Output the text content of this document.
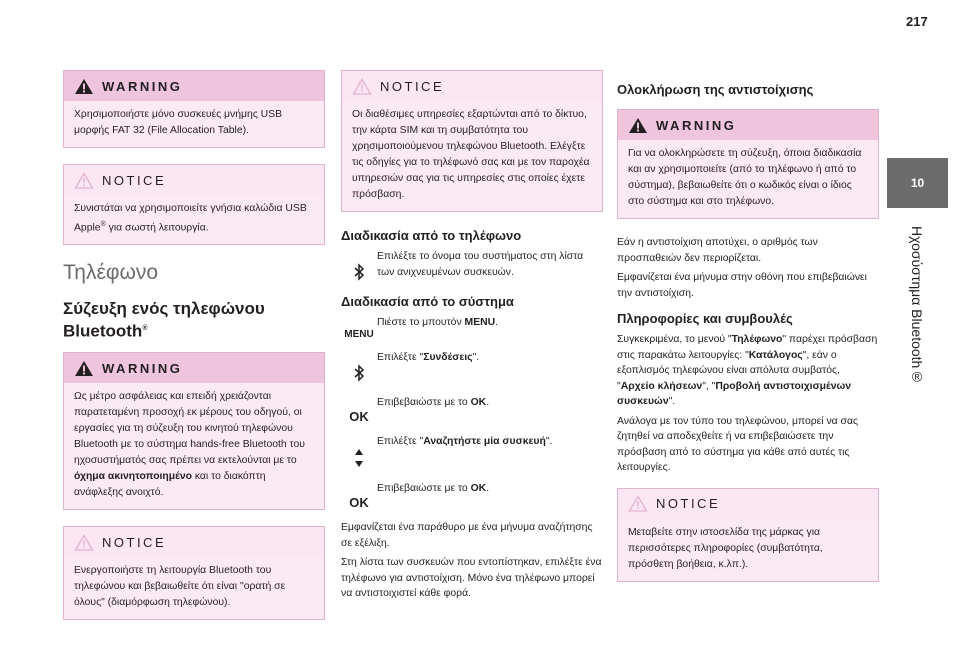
217
10
Ηχοσύστημα Bluetooth®
WARNING
Χρησιμοποιήστε μόνο συσκευές μνήμης USB μορφής FAT 32 (File Allocation Table).
NOTICE
Συνιστάται να χρησιμοποιείτε γνήσια καλώδια USB Apple® για σωστή λειτουργία.
Τηλέφωνο
Σύζευξη ενός τηλεφώνου
Bluetooth®
WARNING
Ως μέτρο ασφάλειας και επειδή χρειάζονται παρατεταμένη προσοχή εκ μέρους του οδηγού, οι εργασίες για τη σύζευξη του κινητού τηλεφώνου Bluetooth με το σύστημα hands-free Bluetooth του ηχοσυστήματός σας πρέπει να εκτελούνται με το όχημα ακινητοποιημένο και το διακόπτη ανάφλεξης ανοιχτό.
NOTICE
Ενεργοποιήστε τη λειτουργία Bluetooth του τηλεφώνου και βεβαιωθείτε ότι είναι "ορατή σε όλους" (διαμόρφωση τηλεφώνου).
NOTICE
Οι διαθέσιμες υπηρεσίες εξαρτώνται από το δίκτυο, την κάρτα SIM και τη συμβατότητα του χρησιμοποιούμενου τηλεφώνου Bluetooth. Ελέγξτε τις οδηγίες για το τηλέφωνό σας και με τον παροχέα υπηρεσιών σας για τις υπηρεσίες στις οποίες έχετε πρόσβαση.
Διαδικασία από το τηλέφωνο
Επιλέξτε το όνομα του συστήματος στη λίστα των ανιχνευμένων συσκευών.
Διαδικασία από το σύστημα
MENU
Πιέστε το μπουτόν MENU.
Επιλέξτε "Συνδέσεις".
OK
Επιβεβαιώστε με το OK.
Επιλέξτε "Αναζητήστε μία συσκευή".
OK
Επιβεβαιώστε με το OK.

Εμφανίζεται ένα παράθυρο με ένα μήνυμα αναζήτησης σε εξέλιξη.

Στη λίστα των συσκευών που εντοπίστηκαν, επιλέξτε ένα τηλέφωνο για αντιστοίχιση. Μόνο ένα τηλέφωνο μπορεί να αντιστοιχιστεί κάθε φορά.

Ολοκλήρωση της αντιστοίχισης
WARNING
Για να ολοκληρώσετε τη σύζευξη, όποια διαδικασία και αν χρησιμοποιείτε (από το τηλέφωνο ή από το σύστημα), βεβαιωθείτε ότι ο κωδικός είναι ο ίδιος στο σύστημα και στο τηλέφωνο.

Εάν η αντιστοίχιση αποτύχει, ο αριθμός των προσπαθειών δεν περιορίζεται.

Εμφανίζεται ένα μήνυμα στην οθόνη που επιβεβαιώνει την αντιστοίχιση.

Πληροφορίες και συμβουλές

Συγκεκριμένα, το μενού "Τηλέφωνο" παρέχει πρόσβαση στις παρακάτω λειτουργίες: "Κατάλογος", εάν ο εξοπλισμός τηλεφώνου είναι απόλυτα συμβατός, "Αρχείο κλήσεων", "Προβολή αντιστοιχισμένων συσκευών".

Ανάλογα με τον τύπο του τηλεφώνου, μπορεί να σας ζητηθεί να αποδεχθείτε ή να επιβεβαιώσετε την πρόσβαση από το σύστημα για κάθε από αυτές τις λειτουργίες.

NOTICE
Μεταβείτε στην ιστοσελίδα της μάρκας για περισσότερες πληροφορίες (συμβατότητα, πρόσθετη βοήθεια, κ.λπ.).
